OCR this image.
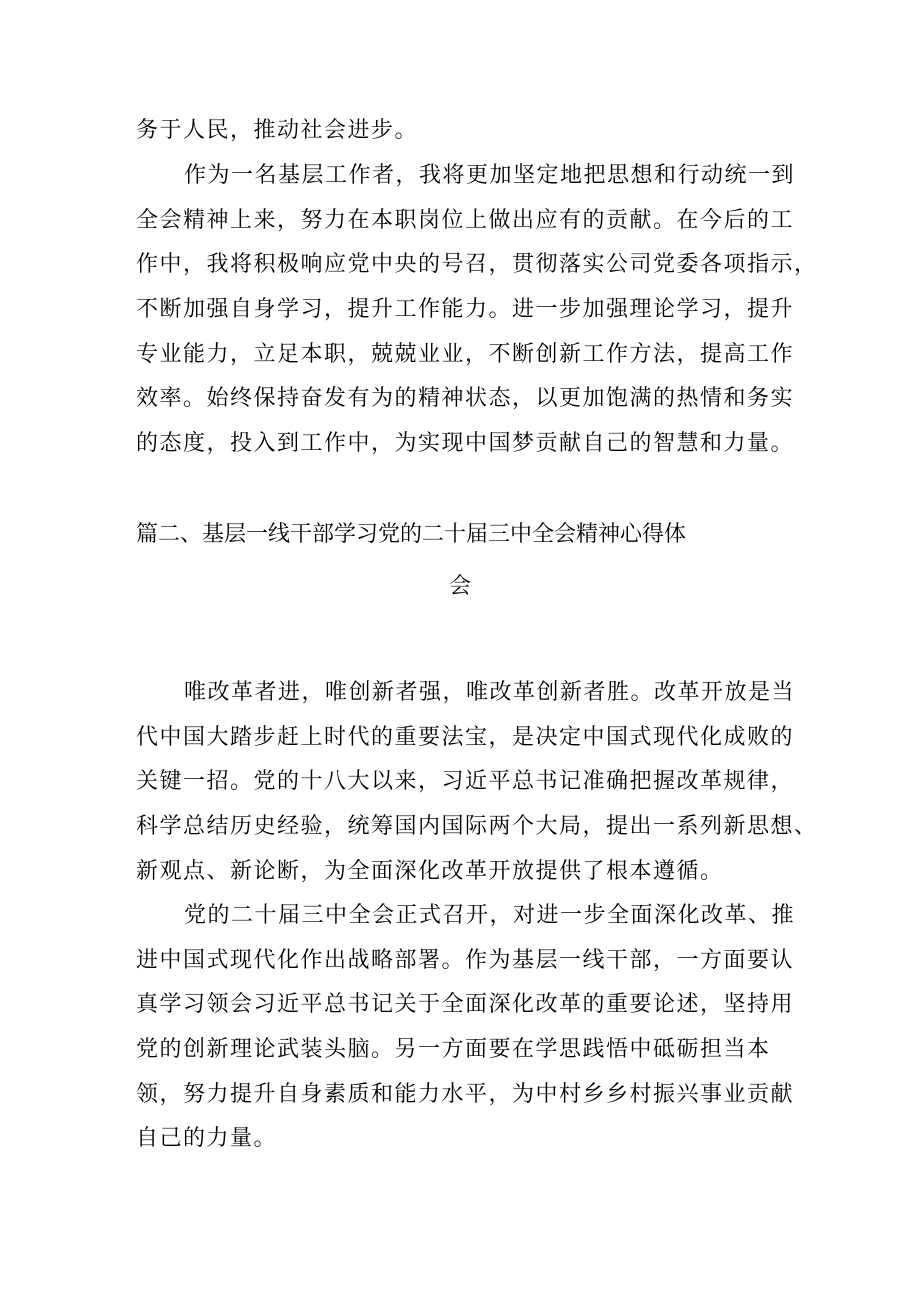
务于人民，推动社会进步。

作为一名基层工作者，我将更加坚定地把思想和行动统一到

全会精神上来，努力在本职岗位上做出应有的贡献。在今后的工

作中，我将积极响应党中央的号召，贯彻落实公司党委各项指示，

不断加强自身学习，提升工作能力。进一步加强理论学习，提升

专业能力，立足本职，兢兢业业，不断创新工作方法，提高工作

效率。始终保持奋发有为的精神状态，以更加饱满的热情和务实

的态度，投入到工作中，为实现中国梦贡献自己的智慧和力量。

篇二、基层一线干部学习党的二十届三中全会精神心得体
会

唯改革者进，唯创新者强，唯改革创新者胜。改革开放是当

代中国大踏步赶上时代的重要法宝，是决定中国式现代化成败的

关键一招。党的十八大以来，习近平总书记准确把握改革规律，

科学总结历史经验，统筹国内国际两个大局，提出一系列新思想、

新观点、新论断，为全面深化改革开放提供了根本遵循。

党的二十届三中全会正式召开，对进一步全面深化改革、推

进中国式现代化作出战略部署。作为基层一线干部，一方面要认

真学习领会习近平总书记关于全面深化改革的重要论述，坚持用

党的创新理论武装头脑。另一方面要在学思践悟中砥砺担当本

领，努力提升自身素质和能力水平，为中村乡乡村振兴事业贡献

自己的力量。
